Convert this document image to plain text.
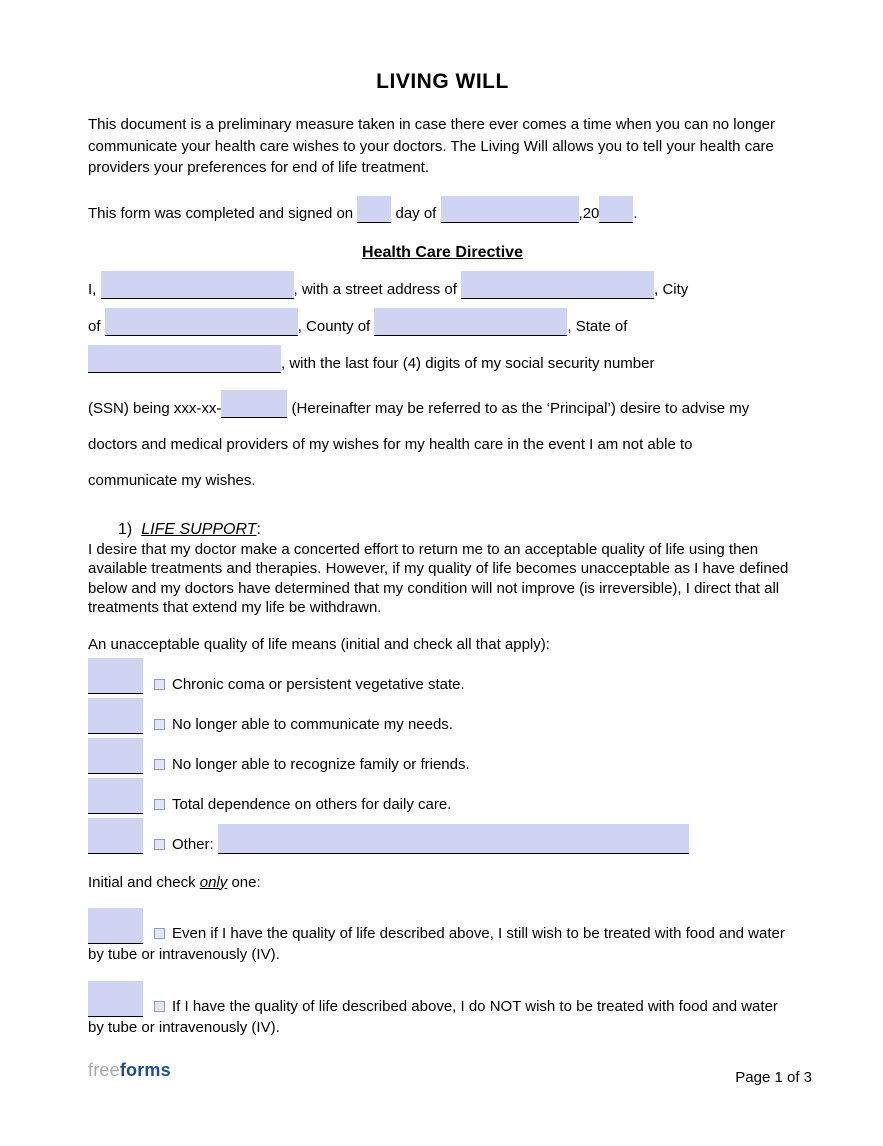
LIVING WILL
This document is a preliminary measure taken in case there ever comes a time when you can no longer communicate your health care wishes to your doctors. The Living Will allows you to tell your health care providers your preferences for end of life treatment.
This form was completed and signed on	day of	,20 .
Health Care Directive
I,	, with a street address of	, City
of	, County of	, State of
, with the last four (4) digits of my social security number
(SSN) being xxx-xx-	(Hereinafter may be referred to as the ‘Principal’) desire to advise my
doctors and medical providers of my wishes for my health care in the event I am not able to
communicate my wishes.
1) LIFE SUPPORT:
I desire that my doctor make a concerted effort to return me to an acceptable quality of life using then available treatments and therapies. However, if my quality of life becomes unacceptable as I have defined below and my doctors have determined that my condition will not improve (is irreversible), I direct that all treatments that extend my life be withdrawn.
An unacceptable quality of life means (initial and check all that apply):
Chronic coma or persistent vegetative state.
No longer able to communicate my needs.
No longer able to recognize family or friends.
Total dependence on others for daily care.
Other:
Initial and check only one:
Even if I have the quality of life described above, I still wish to be treated with food and water by tube or intravenously (IV).
If I have the quality of life described above, I do NOT wish to be treated with food and water by tube or intravenously (IV).
freeforms	Page 1 of 3
